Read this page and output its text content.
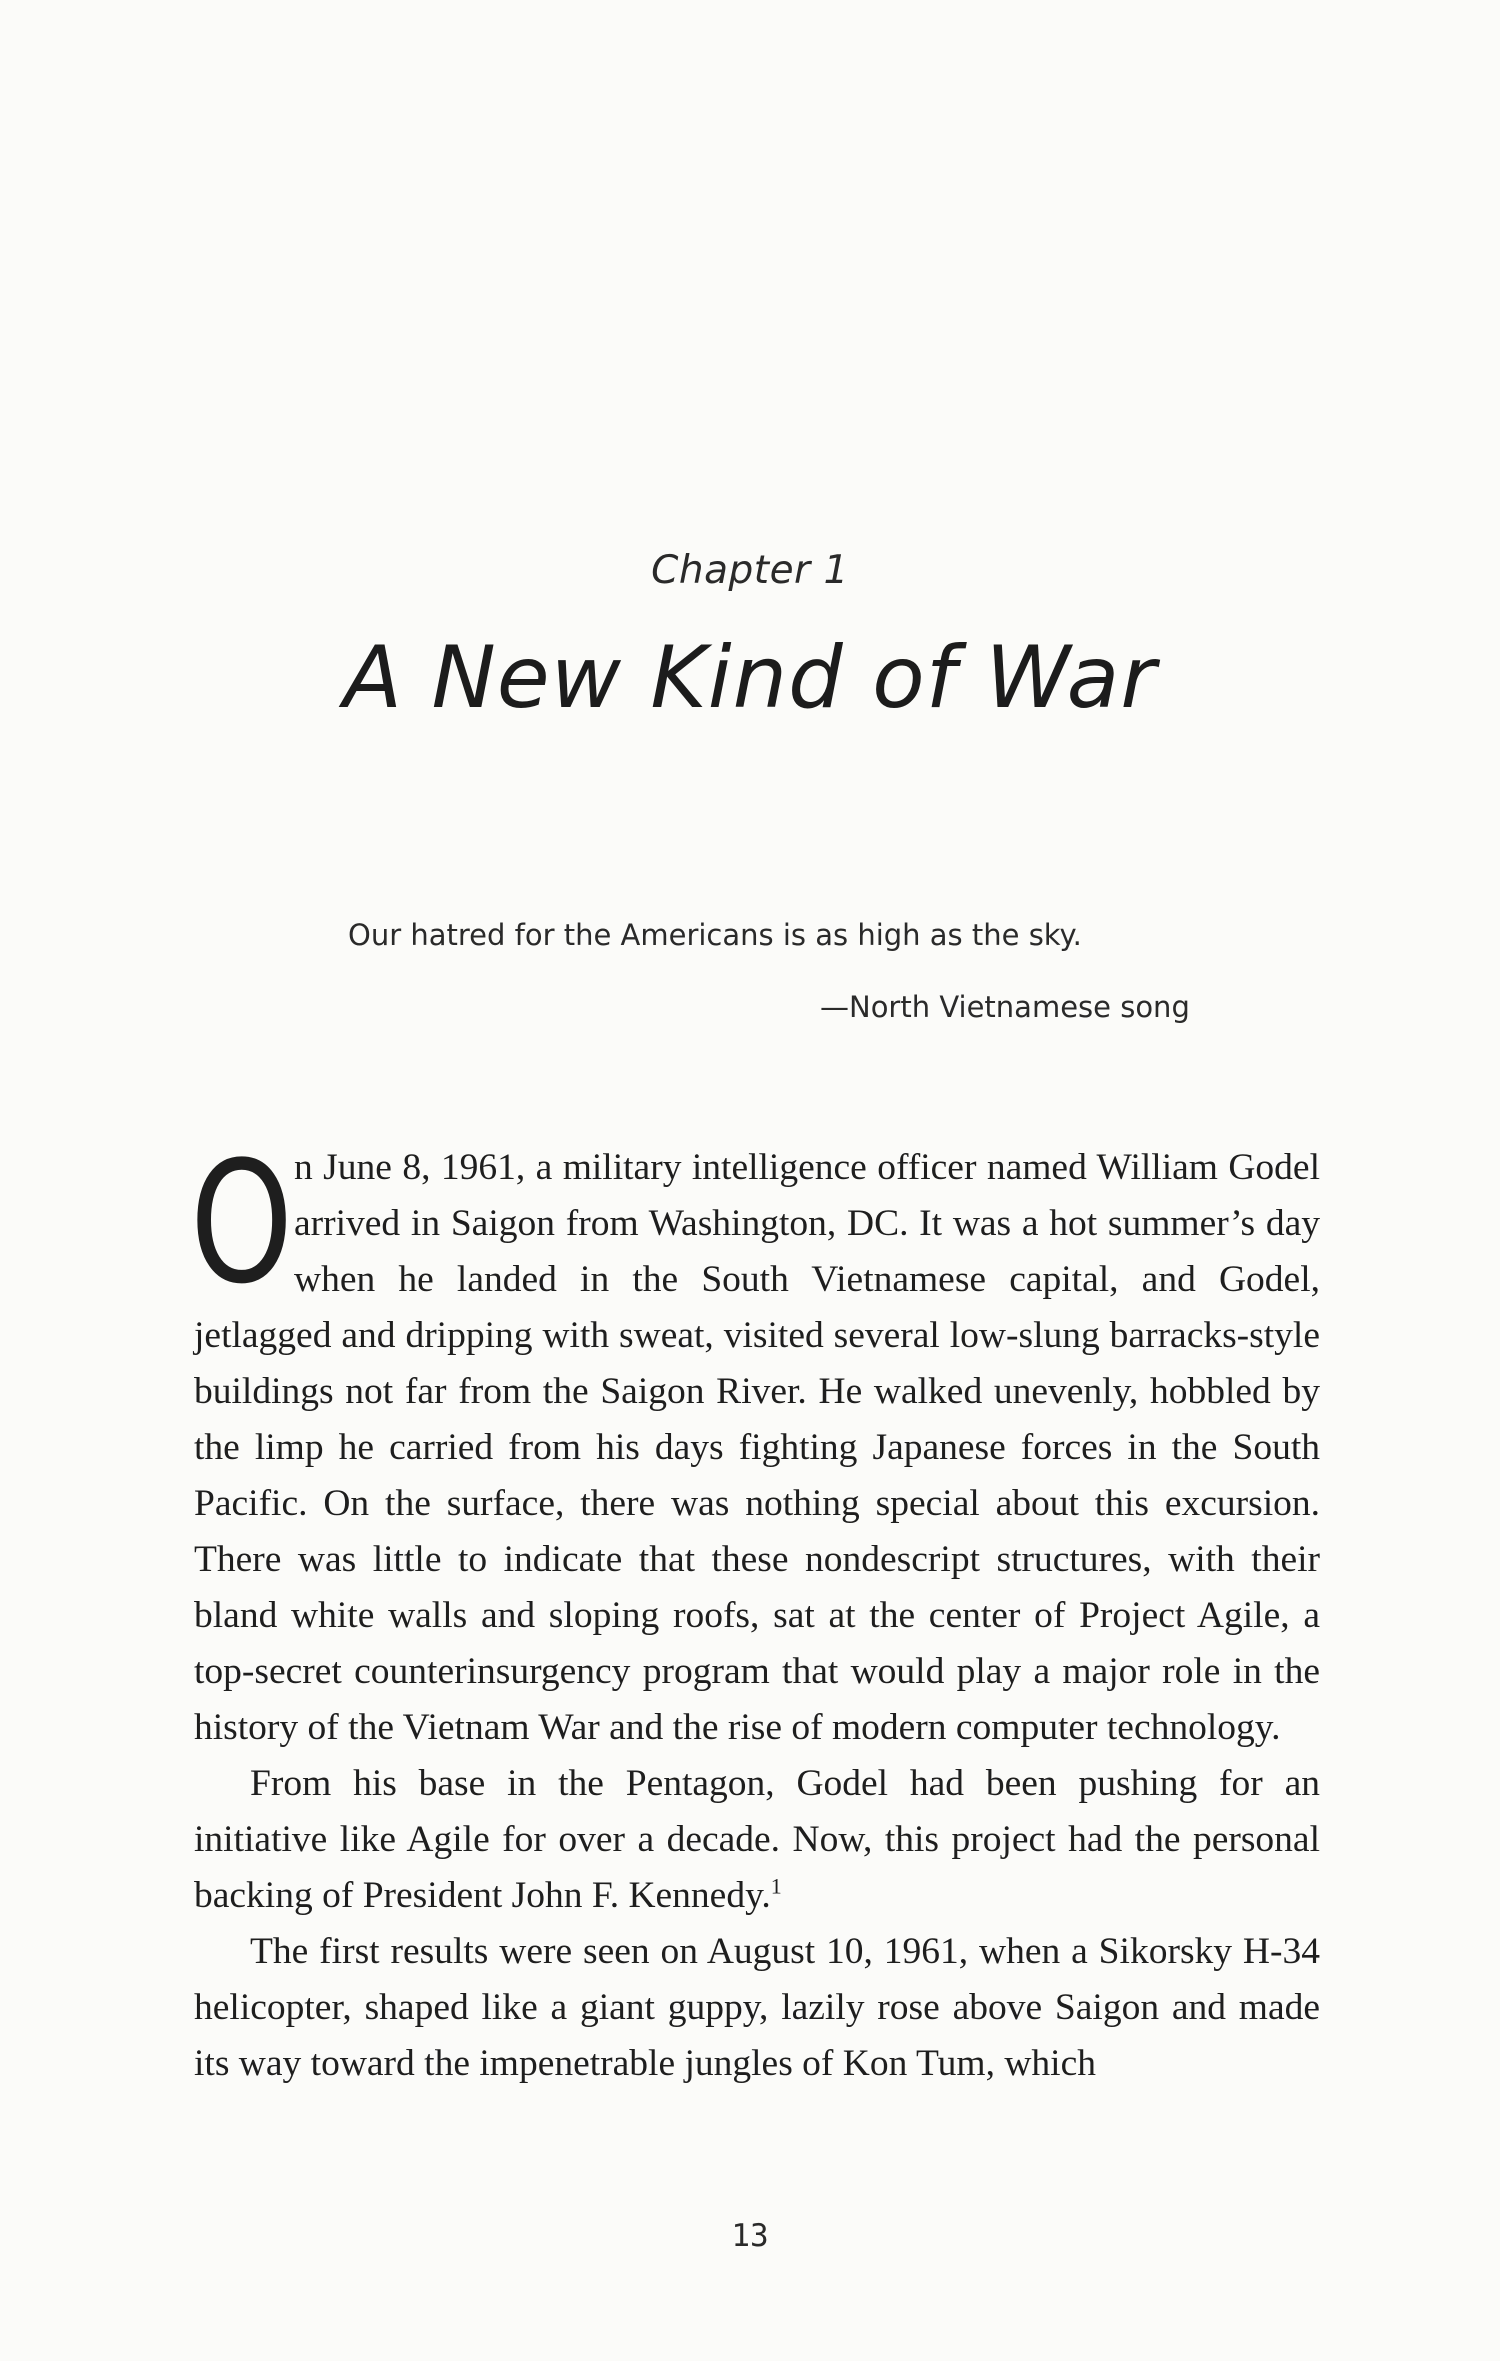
Chapter 1
A New Kind of War
Our hatred for the Americans is as high as the sky.
—North Vietnamese song

On June 8, 1961, a military intelligence officer named William Godel arrived in Saigon from Washington, DC. It was a hot summer’s day when he landed in the South Vietnamese capital, and Godel, jetlagged and dripping with sweat, visited several low-slung barracks-style buildings not far from the Saigon River. He walked unevenly, hobbled by the limp he carried from his days fighting Japanese forces in the South Pacific. On the surface, there was nothing special about this excursion. There was little to indicate that these nondescript structures, with their bland white walls and sloping roofs, sat at the center of Project Agile, a top-secret counterinsurgency program that would play a major role in the history of the Vietnam War and the rise of modern computer technology.

From his base in the Pentagon, Godel had been pushing for an initiative like Agile for over a decade. Now, this project had the personal backing of President John F. Kennedy.$^1$

The first results were seen on August 10, 1961, when a Sikorsky H-34 helicopter, shaped like a giant guppy, lazily rose above Saigon and made its way toward the impenetrable jungles of Kon Tum, which

13
